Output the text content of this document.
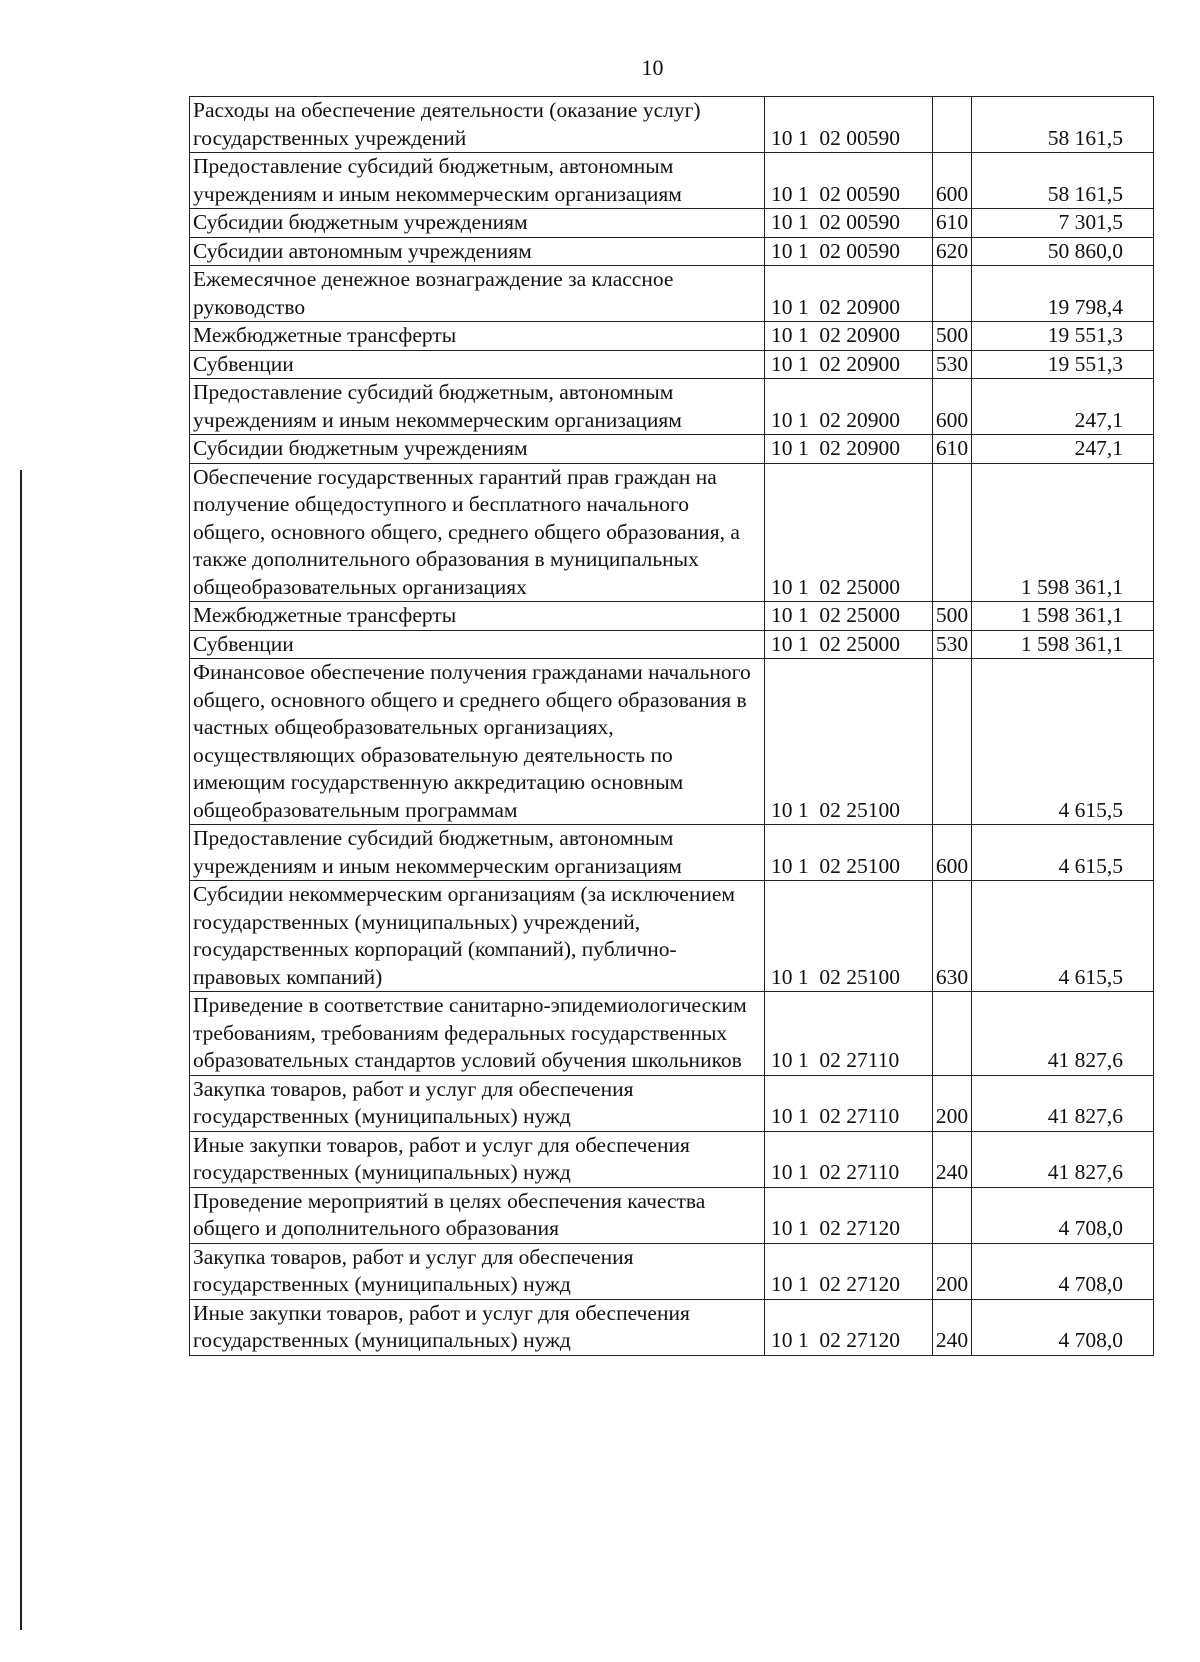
10
Расходы на обеспечение деятельности (оказание услуг) государственных учреждений	10 1  02 00590		58 161,5
Предоставление субсидий бюджетным, автономным учреждениям и иным некоммерческим организациям	10 1  02 00590	600	58 161,5
Субсидии бюджетным учреждениям	10 1  02 00590	610	7 301,5
Субсидии автономным учреждениям	10 1  02 00590	620	50 860,0
Ежемесячное денежное вознаграждение за классное руководство	10 1  02 20900		19 798,4
Межбюджетные трансферты	10 1  02 20900	500	19 551,3
Субвенции	10 1  02 20900	530	19 551,3
Предоставление субсидий бюджетным, автономным учреждениям и иным некоммерческим организациям	10 1  02 20900	600	247,1
Субсидии бюджетным учреждениям	10 1  02 20900	610	247,1
Обеспечение государственных гарантий прав граждан на получение общедоступного и бесплатного начального общего, основного общего, среднего общего образования, а также дополнительного образования в муниципальных общеобразовательных организациях	10 1  02 25000		1 598 361,1
Межбюджетные трансферты	10 1  02 25000	500	1 598 361,1
Субвенции	10 1  02 25000	530	1 598 361,1
Финансовое обеспечение получения гражданами начального общего, основного общего и среднего общего образования в частных общеобразовательных организациях, осуществляющих образовательную деятельность по имеющим государственную аккредитацию основным общеобразовательным программам	10 1  02 25100		4 615,5
Предоставление субсидий бюджетным, автономным учреждениям и иным некоммерческим организациям	10 1  02 25100	600	4 615,5
Субсидии некоммерческим организациям (за исключением государственных (муниципальных) учреждений, государственных корпораций (компаний), публично-правовых компаний)	10 1  02 25100	630	4 615,5
Приведение в соответствие санитарно-эпидемиологическим требованиям, требованиям федеральных государственных образовательных стандартов условий обучения школьников	10 1  02 27110		41 827,6
Закупка товаров, работ и услуг для обеспечения государственных (муниципальных) нужд	10 1  02 27110	200	41 827,6
Иные закупки товаров, работ и услуг для обеспечения государственных (муниципальных) нужд	10 1  02 27110	240	41 827,6
Проведение мероприятий в целях обеспечения качества общего и дополнительного образования	10 1  02 27120		4 708,0
Закупка товаров, работ и услуг для обеспечения государственных (муниципальных) нужд	10 1  02 27120	200	4 708,0
Иные закупки товаров, работ и услуг для обеспечения государственных (муниципальных) нужд	10 1  02 27120	240	4 708,0
